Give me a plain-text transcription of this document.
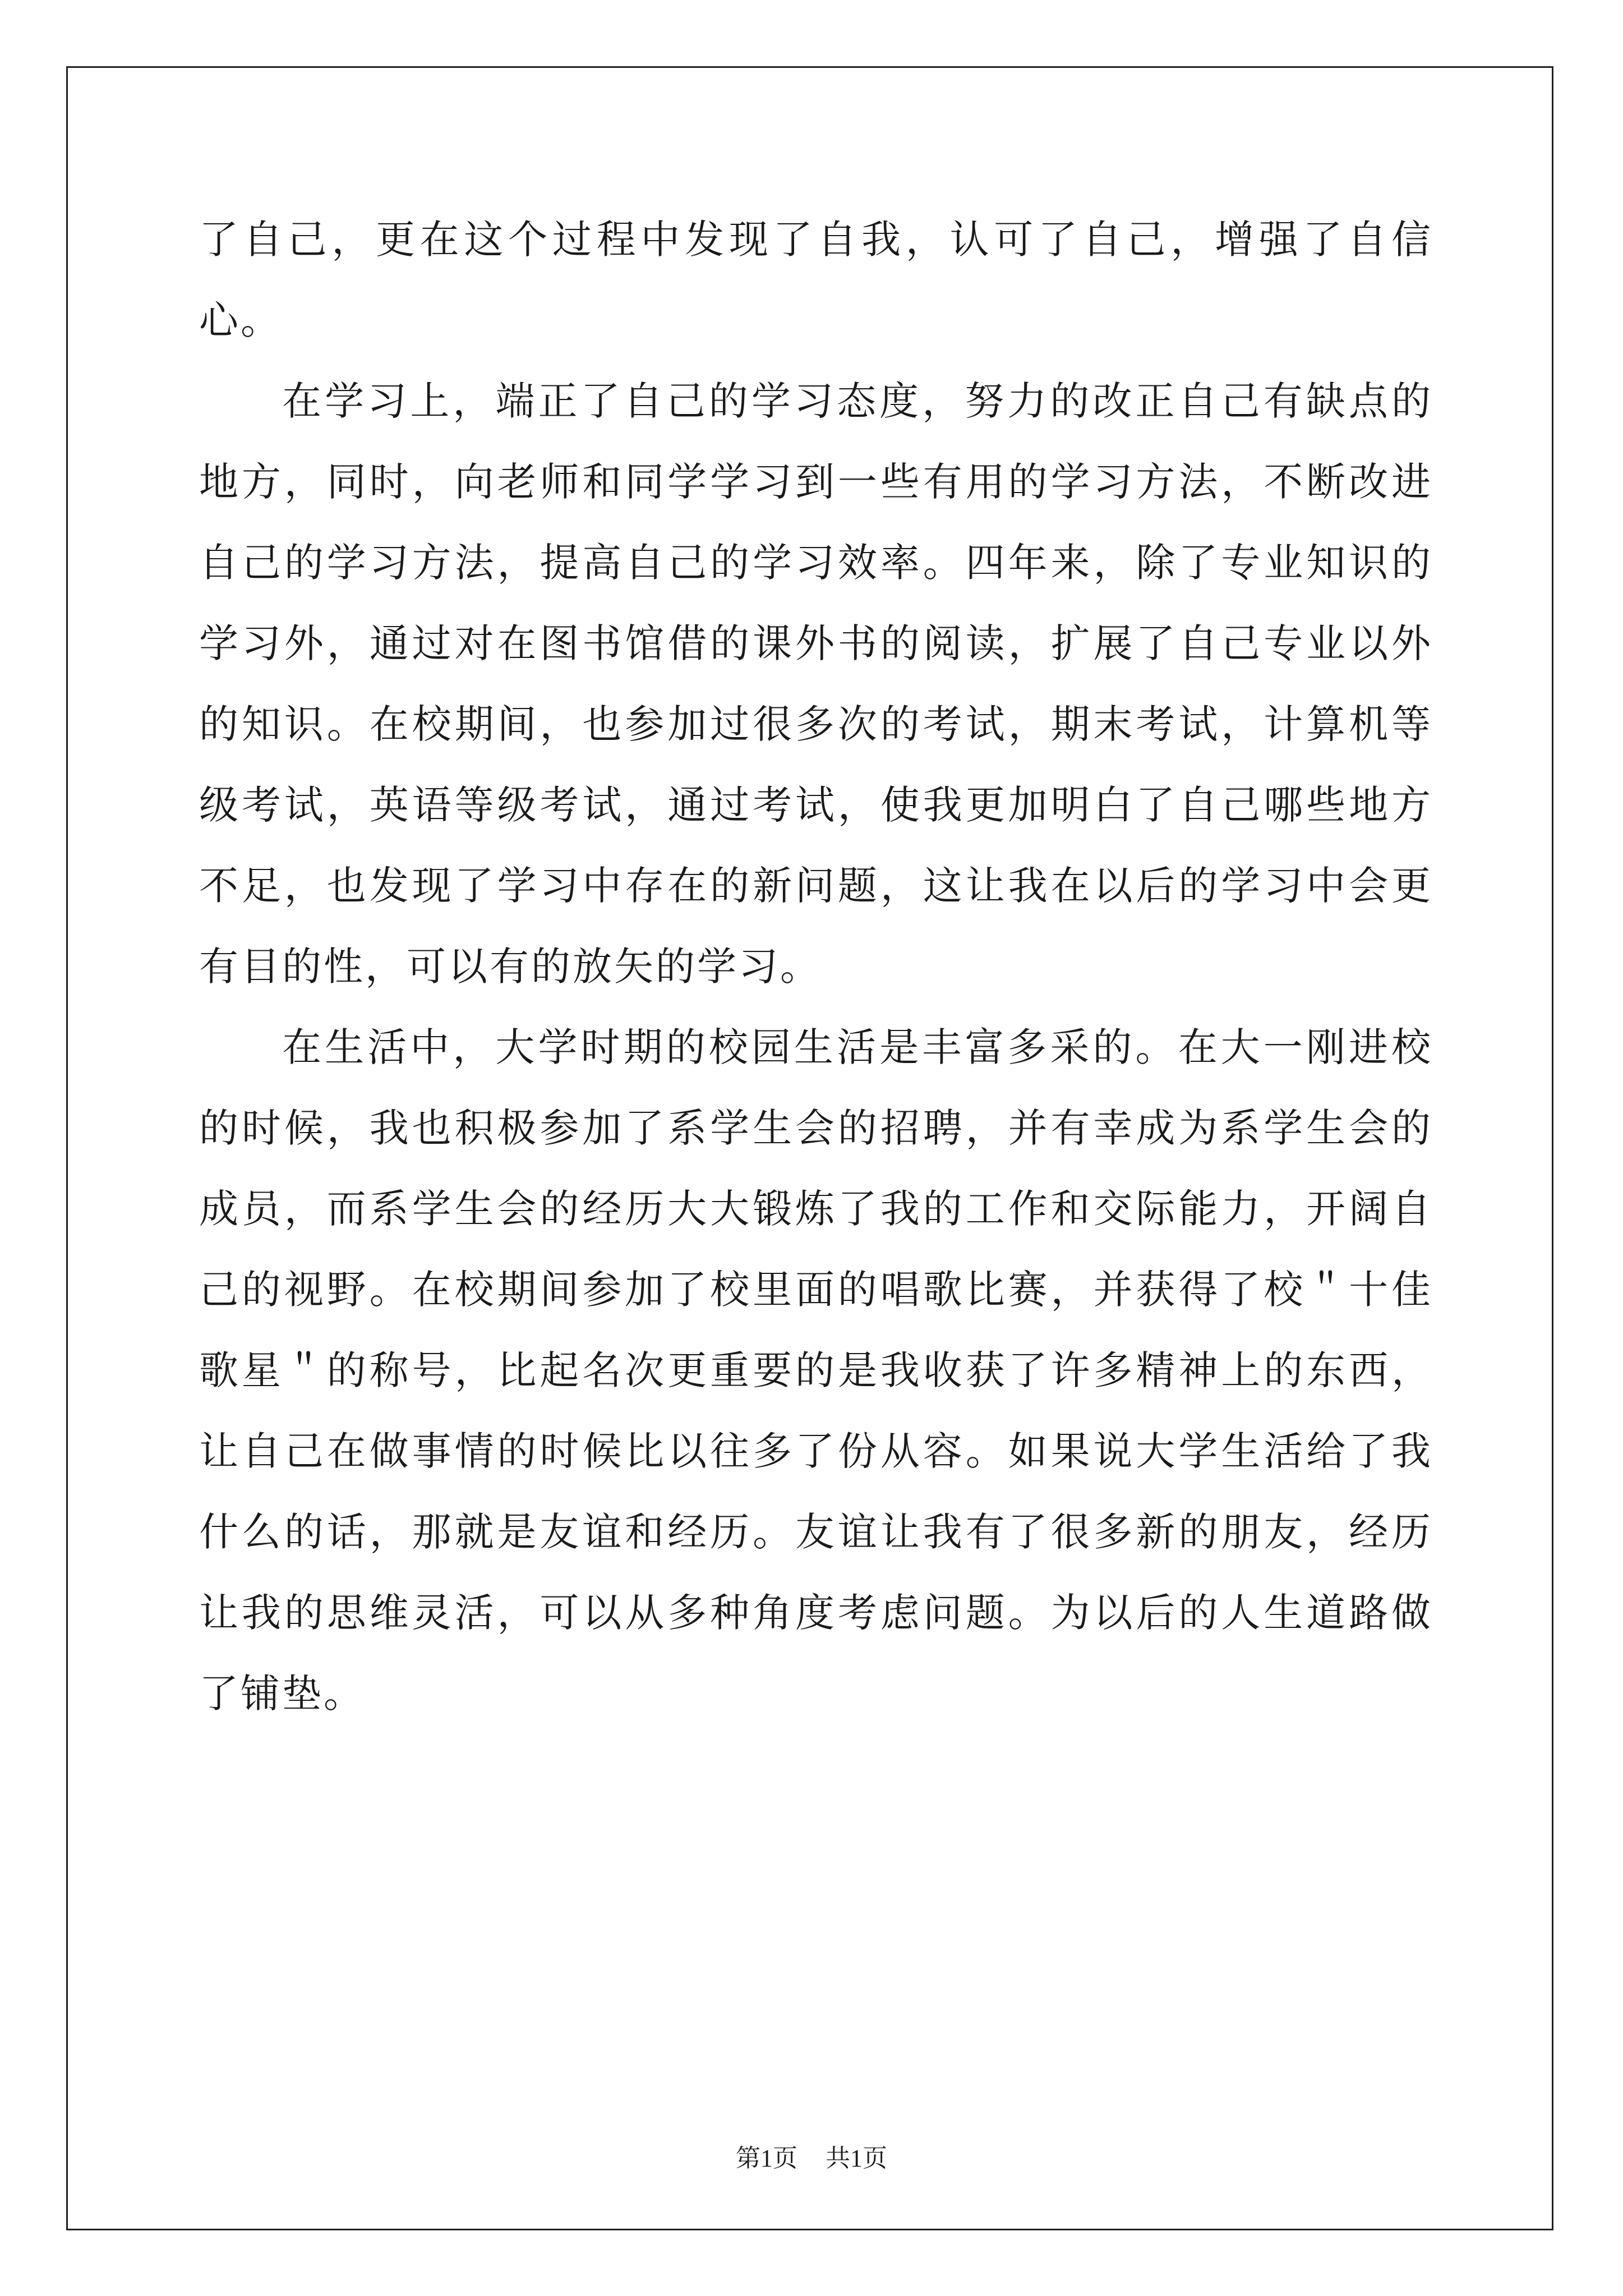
了自己，更在这个过程中发现了自我，认可了自己，增强了自信心。

在学习上，端正了自己的学习态度，努力的改正自己有缺点的地方，同时，向老师和同学学习到一些有用的学习方法，不断改进自己的学习方法，提高自己的学习效率。四年来，除了专业知识的学习外，通过对在图书馆借的课外书的阅读，扩展了自己专业以外的知识。在校期间，也参加过很多次的考试，期末考试，计算机等级考试，英语等级考试，通过考试，使我更加明白了自己哪些地方不足，也发现了学习中存在的新问题，这让我在以后的学习中会更有目的性，可以有的放矢的学习。

在生活中，大学时期的校园生活是丰富多采的。在大一刚进校的时候，我也积极参加了系学生会的招聘，并有幸成为系学生会的成员，而系学生会的经历大大锻炼了我的工作和交际能力，开阔自己的视野。在校期间参加了校里面的唱歌比赛，并获得了校＂十佳歌星＂的称号，比起名次更重要的是我收获了许多精神上的东西，让自己在做事情的时候比以往多了份从容。如果说大学生活给了我什么的话，那就是友谊和经历。友谊让我有了很多新的朋友，经历让我的思维灵活，可以从多种角度考虑问题。为以后的人生道路做了铺垫。

第1页 共1页
